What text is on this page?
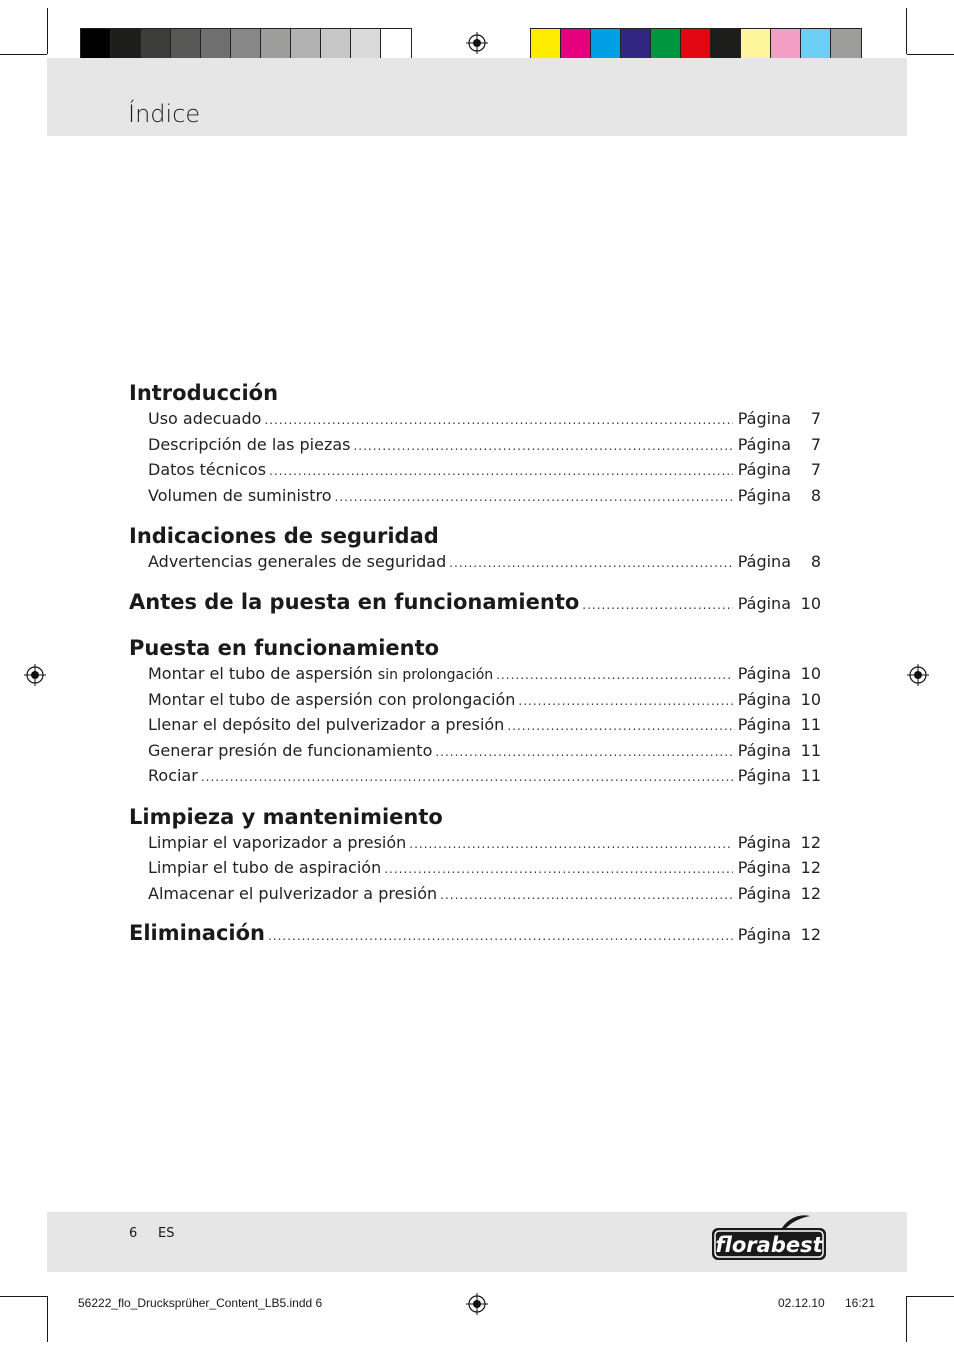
Índice
Introducción
Uso adecuado .....	Página 7
Descripción de las piezas .....	Página 7
Datos técnicos .....	Página 7
Volumen de suministro .....	Página 8
Indicaciones de seguridad
Advertencias generales de seguridad .....	Página 8
Antes de la puesta en funcionamiento .....	Página 10
Puesta en funcionamiento
Montar el tubo de aspersión sin prolongación .....	Página 10
Montar el tubo de aspersión con prolongación .....	Página 10
Llenar el depósito del pulverizador a presión .....	Página 11
Generar presión de funcionamiento .....	Página 11
Rociar .....	Página 11
Limpieza y mantenimiento
Limpiar el vaporizador a presión .....	Página 12
Limpiar el tubo de aspiración .....	Página 12
Almacenar el pulverizador a presión .....	Página 12
Eliminación .....	Página 12
6 ES	florabest
56222_flo_Drucksprüher_Content_LB5.indd 6	02.12.10 16:21
